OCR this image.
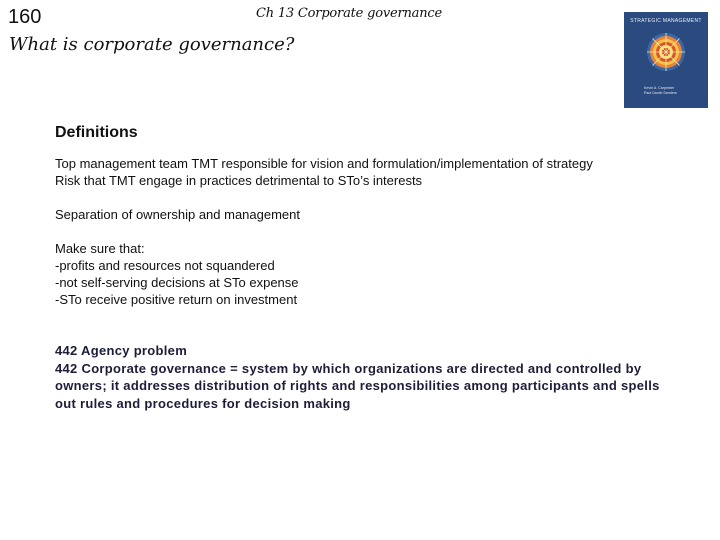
160	Ch 13 Corporate governance
What is corporate governance?
STRATEGIC MANAGEMENT
Kevin A. Carpenter
Paul Daniel Sanders
Definitions

Top management team TMT responsible for vision and formulation/implementation of strategy

Risk that TMT engage in practices detrimental to STo’s interests

Separation of ownership and management

Make sure that:

-profits and resources not squandered

-not self-serving decisions at STo expense

-STo receive positive return on investment

442 Agency problem

442 Corporate governance = system by which organizations are directed and controlled by owners; it addresses distribution of rights and responsibilities among participants and spells out rules and procedures for decision making
